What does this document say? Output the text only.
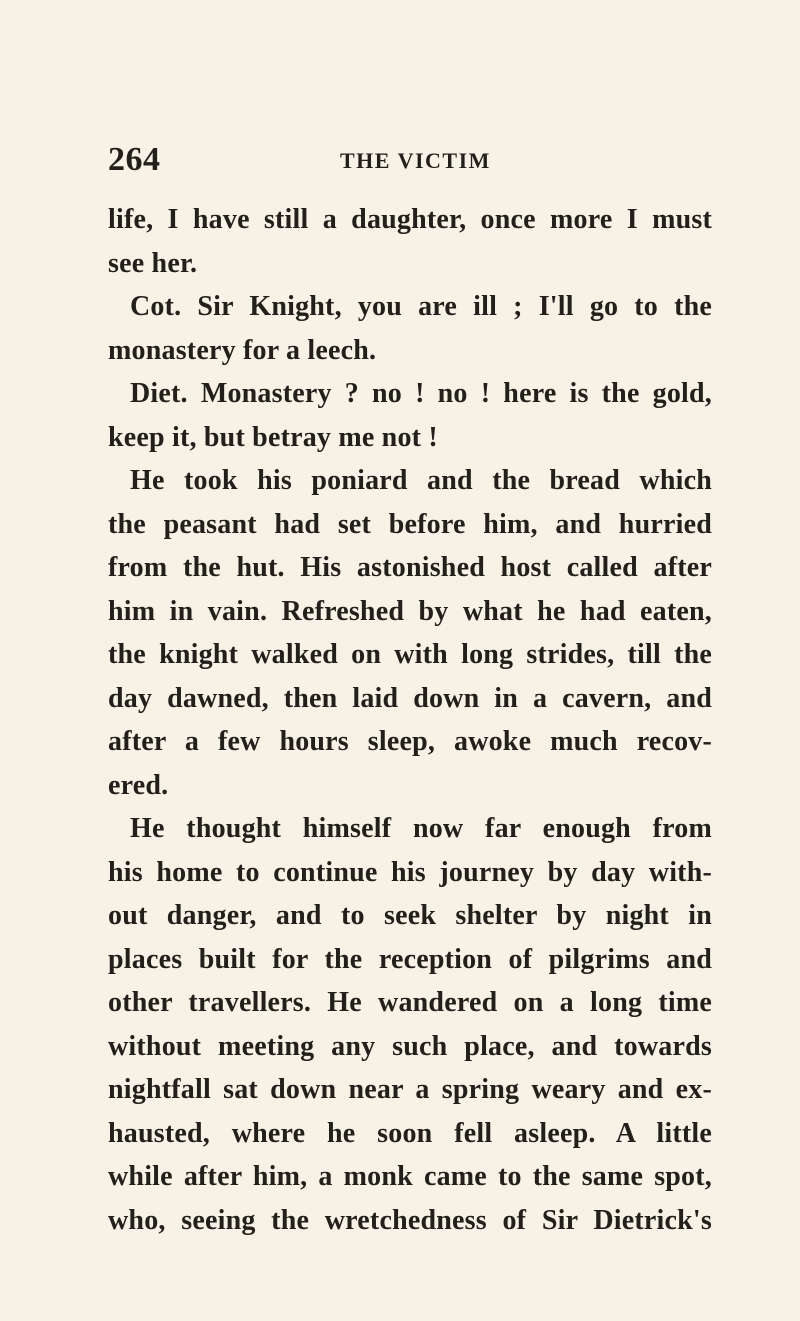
264	THE VICTIM
life, I have still a daughter, once more I must
see her.
Cot. Sir Knight, you are ill ; I'll go to the
monastery for a leech.
Diet. Monastery ? no ! no ! here is the gold,
keep it, but betray me not !
He took his poniard and the bread which
the peasant had set before him, and hurried
from the hut. His astonished host called after
him in vain. Refreshed by what he had eaten,
the knight walked on with long strides, till the
day dawned, then laid down in a cavern, and
after a few hours sleep, awoke much recov-
ered.
He thought himself now far enough from
his home to continue his journey by day with-
out danger, and to seek shelter by night in
places built for the reception of pilgrims and
other travellers. He wandered on a long time
without meeting any such place, and towards
nightfall sat down near a spring weary and ex-
hausted, where he soon fell asleep. A little
while after him, a monk came to the same spot,
who, seeing the wretchedness of Sir Dietrick's
